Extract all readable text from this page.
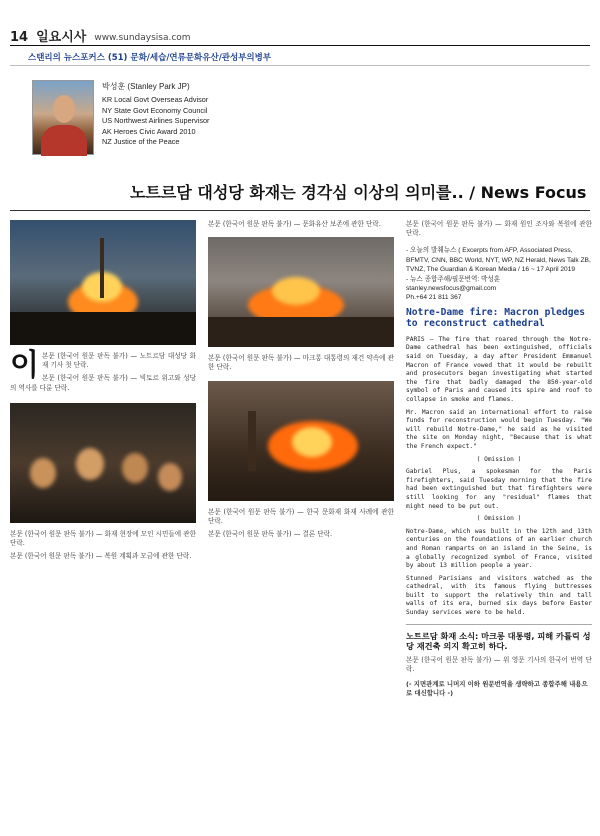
14 일요시사 www.sundaysisa.com
스탠리의 뉴스포커스 (51) 문화/세습/연류문화유산/관성부의병부
박성훈 (Stanley Park JP)
KR Local Govt Overseas Advisor
NY State Govt Economy Council
US Northwest Airlines Supervisor
AK Heroes Civic Award 2010
NZ Justice of the Peace
노트르담 대성당 화재는 경각심 이상의 의미를.. / News Focus

이본문 (한국어 원문 판독 불가) — 노트르담 대성당 화재 기사 첫 단락.

본문 (한국어 원문 판독 불가) — 빅토르 위고와 성당의 역사를 다룬 단락.

본문 (한국어 원문 판독 불가) — 화재 현장에 모인 시민들에 관한 단락.

본문 (한국어 원문 판독 불가) — 복원 계획과 모금에 관한 단락.

본문 (한국어 원문 판독 불가) — 문화유산 보존에 관한 단락.

본문 (한국어 원문 판독 불가) — 마크롱 대통령의 재건 약속에 관한 단락.

본문 (한국어 원문 판독 불가) — 한국 문화재 화재 사례에 관한 단락.

본문 (한국어 원문 판독 불가) — 결론 단락.

본문 (한국어 원문 판독 불가) — 화재 원인 조사와 복원에 관한 단락.

- 오늘의 발췌뉴스 ( Excerpts from AFP, Associated Press, BFMTV, CNN, BBC World, NYT, WP, NZ Herald, News Talk ZB, TVNZ, The Guardian & Korean Media / 16 ~ 17 April 2019

- 뉴스 종합주해/필문번역: 박성훈 stanley.newsfocus@gmail.com

Ph.+64 21 811 367

Notre-Dame fire: Macron pledges to reconstruct cathedral

PARIS — The fire that roared through the Notre-Dame cathedral has been extinguished, officials said on Tuesday, a day after President Emmanuel Macron of France vowed that it would be rebuilt and prosecutors began investigating what started the fire that badly damaged the 850-year-old symbol of Paris and caused its spire and roof to collapse in smoke and flames.

Mr. Macron said an international effort to raise funds for reconstruction would begin Tuesday. "We will rebuild Notre-Dame," he said as he visited the site on Monday night, "Because that is what the French expect."

( Omission )

Gabriel Plus, a spokesman for the Paris firefighters, said Tuesday morning that the fire had been extinguished but that firefighters were still looking for any "residual" flames that might need to be put out.

( Omission )

Notre-Dame, which was built in the 12th and 13th centuries on the foundations of an earlier church and Roman ramparts on an island in the Seine, is a globally recognized symbol of France, visited by about 13 million people a year.

Stunned Parisians and visitors watched as the cathedral, with its famous flying buttresses built to support the relatively thin and tall walls of its era, burned six days before Easter Sunday services were to be held.

노트르담 화재 소식: 마크롱 대통령, 피해 카톨릭 성당 재건축 의지 확고히 하다.

본문 (한국어 원문 판독 불가) — 위 영문 기사의 한국어 번역 단락.

(- 지면관계로 니머지 이하 원문번역을 생략하고 종합주해 내용으로 대신합니다 -)
